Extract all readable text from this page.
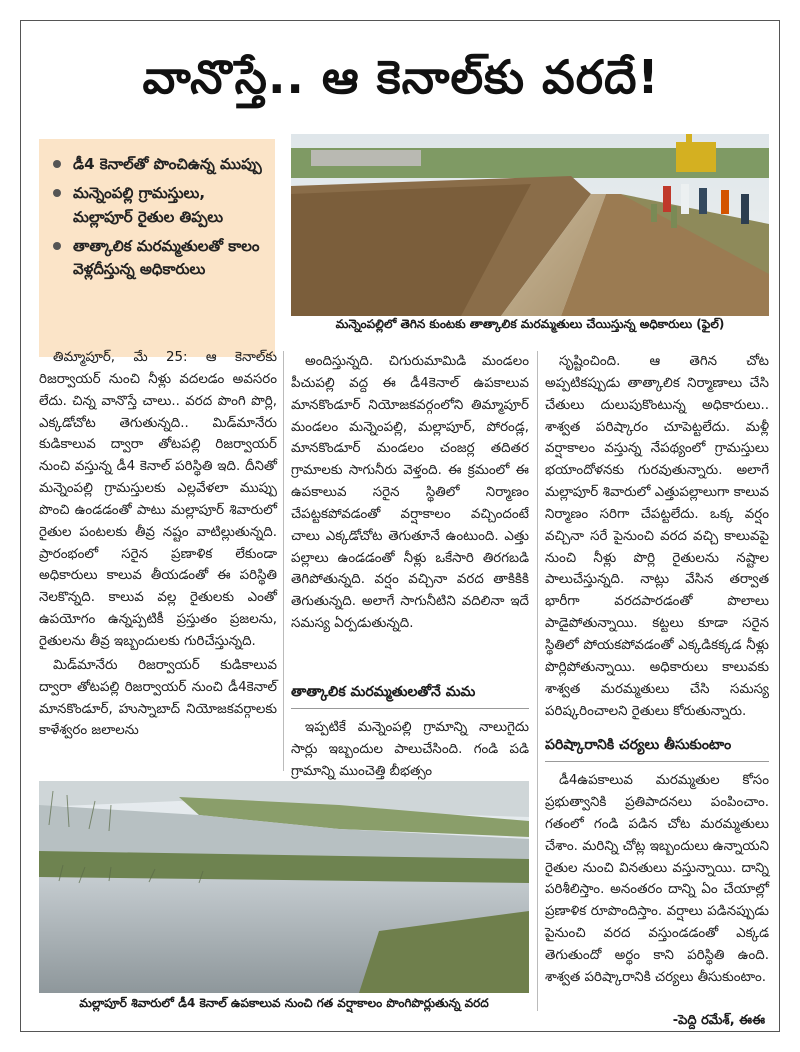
వానొస్తే.. ఆ కెనాల్‌కు వరదే!
డీ4 కెనాల్‌తో పొంచిఉన్న ముప్పు
మన్నెంపల్లి గ్రామస్తులు, మల్లాపూర్ రైతుల తిప్పలు
తాత్కాలిక మరమ్మతులతో కాలం వెళ్లదీస్తున్న అధికారులు
మన్నెంపల్లిలో తెగిన కుంటకు తాత్కాలిక మరమ్మతులు చేయిస్తున్న అధికారులు (ఫైల్)

తిమ్మాపూర్, మే 25: ఆ కెనాల్‌కు రిజర్వాయర్ నుంచి నీళ్లు వదలడం అవసరం లేదు. చిన్న వానొస్తే చాలు.. వరద పొంగి పొర్లి, ఎక్కడోచోట తెగుతున్నది.. మిడ్‌మానేరు కుడికాలువ ద్వారా తోటపల్లి రిజర్వాయర్ నుంచి వస్తున్న డీ4 కెనాల్ పరిస్థితి ఇది. దీనితో మన్నెంపల్లి గ్రామస్తులకు ఎల్లవేళలా ముప్పు పొంచి ఉండడంతో పాటు మల్లాపూర్ శివారులో రైతుల పంటలకు తీవ్ర నష్టం వాటిల్లుతున్నది. ప్రారంభంలో సరైన ప్రణాళిక లేకుండా అధికారులు కాలువ తీయడంతో ఈ పరిస్థితి నెలకొన్నది. కాలువ వల్ల రైతులకు ఎంతో ఉపయోగం ఉన్నప్పటికీ ప్రస్తుతం ప్రజలను, రైతులను తీవ్ర ఇబ్బందులకు గురిచేస్తున్నది.

మిడ్‌మానేరు రిజర్వాయర్ కుడికాలువ ద్వారా తోటపల్లి రిజర్వాయర్ నుంచి డీ4కెనాల్ మానకొండూర్, హుస్నాబాద్ నియోజకవర్గాలకు కాళేశ్వరం జలాలను

అందిస్తున్నది. చిగురుమామిడి మండలం పీచుపల్లి వద్ద ఈ డీ4కెనాల్ ఉపకాలువ మానకొండూర్ నియోజకవర్గంలోని తిమ్మాపూర్ మండలం మన్నెంపల్లి, మల్లాపూర్, పోరండ్ల, మానకొండూర్ మండలం చంజర్ల తదితర గ్రామాలకు సాగునీరు వెళ్తంది. ఈ క్రమంలో ఈ ఉపకాలువ సరైన స్థితిలో నిర్మాణం చేపట్టకపోవడంతో వర్షాకాలం వచ్చిందంటే చాలు ఎక్కడోచోట తెగుతూనే ఉంటుంది. ఎత్తు పల్లాలు ఉండడంతో నీళ్లు ఒకేసారి తిరగబడి తెగిపోతున్నది. వర్షం వచ్చినా వరద తాకికికి తెగుతున్నది. అలాగే సాగునీటిని వదిలినా ఇదే సమస్య ఏర్పడుతున్నది.

తాత్కాలిక మరమ్మతులతోనే మమ

ఇప్పటికే మన్నెంపల్లి గ్రామాన్ని నాలుగైదు సార్లు ఇబ్బందుల పాలుచేసింది. గండి పడి గ్రామాన్ని ముంచెత్తి బీభత్సం

సృష్టించింది. ఆ తెగిన చోట అప్పటికప్పుడు తాత్కాలిక నిర్మాణాలు చేసి చేతులు దులుపుకొంటున్న అధికారులు.. శాశ్వత పరిష్కారం చూపెట్టలేదు. మళ్లీ వర్షాకాలం వస్తున్న నేపథ్యంలో గ్రామస్తులు భయాందోళనకు గురవుతున్నారు. అలాగే మల్లాపూర్ శివారులో ఎత్తుపల్లాలుగా కాలువ నిర్మాణం సరిగా చేపట్టలేదు. ఒక్క వర్షం వచ్చినా సరే పైనుంచి వరద వచ్చి కాలువపై నుంచి నీళ్లు పొర్లి రైతులను నష్టాల పాలుచేస్తున్నది. నాట్లు వేసిన తర్వాత భారీగా వరదపారడంతో పొలాలు పాడైపోతున్నాయి. కట్టలు కూడా సరైన స్థితిలో పోయకపోవడంతో ఎక్కడికక్కడ నీళ్లు పొర్లిపోతున్నాయి. అధికారులు కాలువకు శాశ్వత మరమ్మతులు చేసి సమస్య పరిష్కరించాలని రైతులు కోరుతున్నారు.

పరిష్కారానికి చర్యలు తీసుకుంటాం

డీ4ఉపకాలువ మరమ్మతుల కోసం ప్రభుత్వానికి ప్రతిపాదనలు పంపించాం. గతంలో గండి పడిన చోట మరమ్మతులు చేశాం. మరిన్ని చోట్ల ఇబ్బందులు ఉన్నాయని రైతుల నుంచి వినతులు వస్తున్నాయి. దాన్ని పరిశీలిస్తాం. అనంతరం దాన్ని ఏం చేయాల్లో ప్రణాళిక రూపొందిస్తాం. వర్షాలు పడినప్పుడు పైనుంచి వరద వస్తుండడంతో ఎక్కడ తెగుతుందో అర్థం కాని పరిస్థితి ఉంది. శాశ్వత పరిష్కారానికి చర్యలు తీసుకుంటాం.

మల్లాపూర్ శివారులో డీ4 కెనాల్ ఉపకాలువ నుంచి గత వర్షాకాలం పొంగిపొర్లుతున్న వరద
-పెద్ది రమేశ్, ఈఈ
